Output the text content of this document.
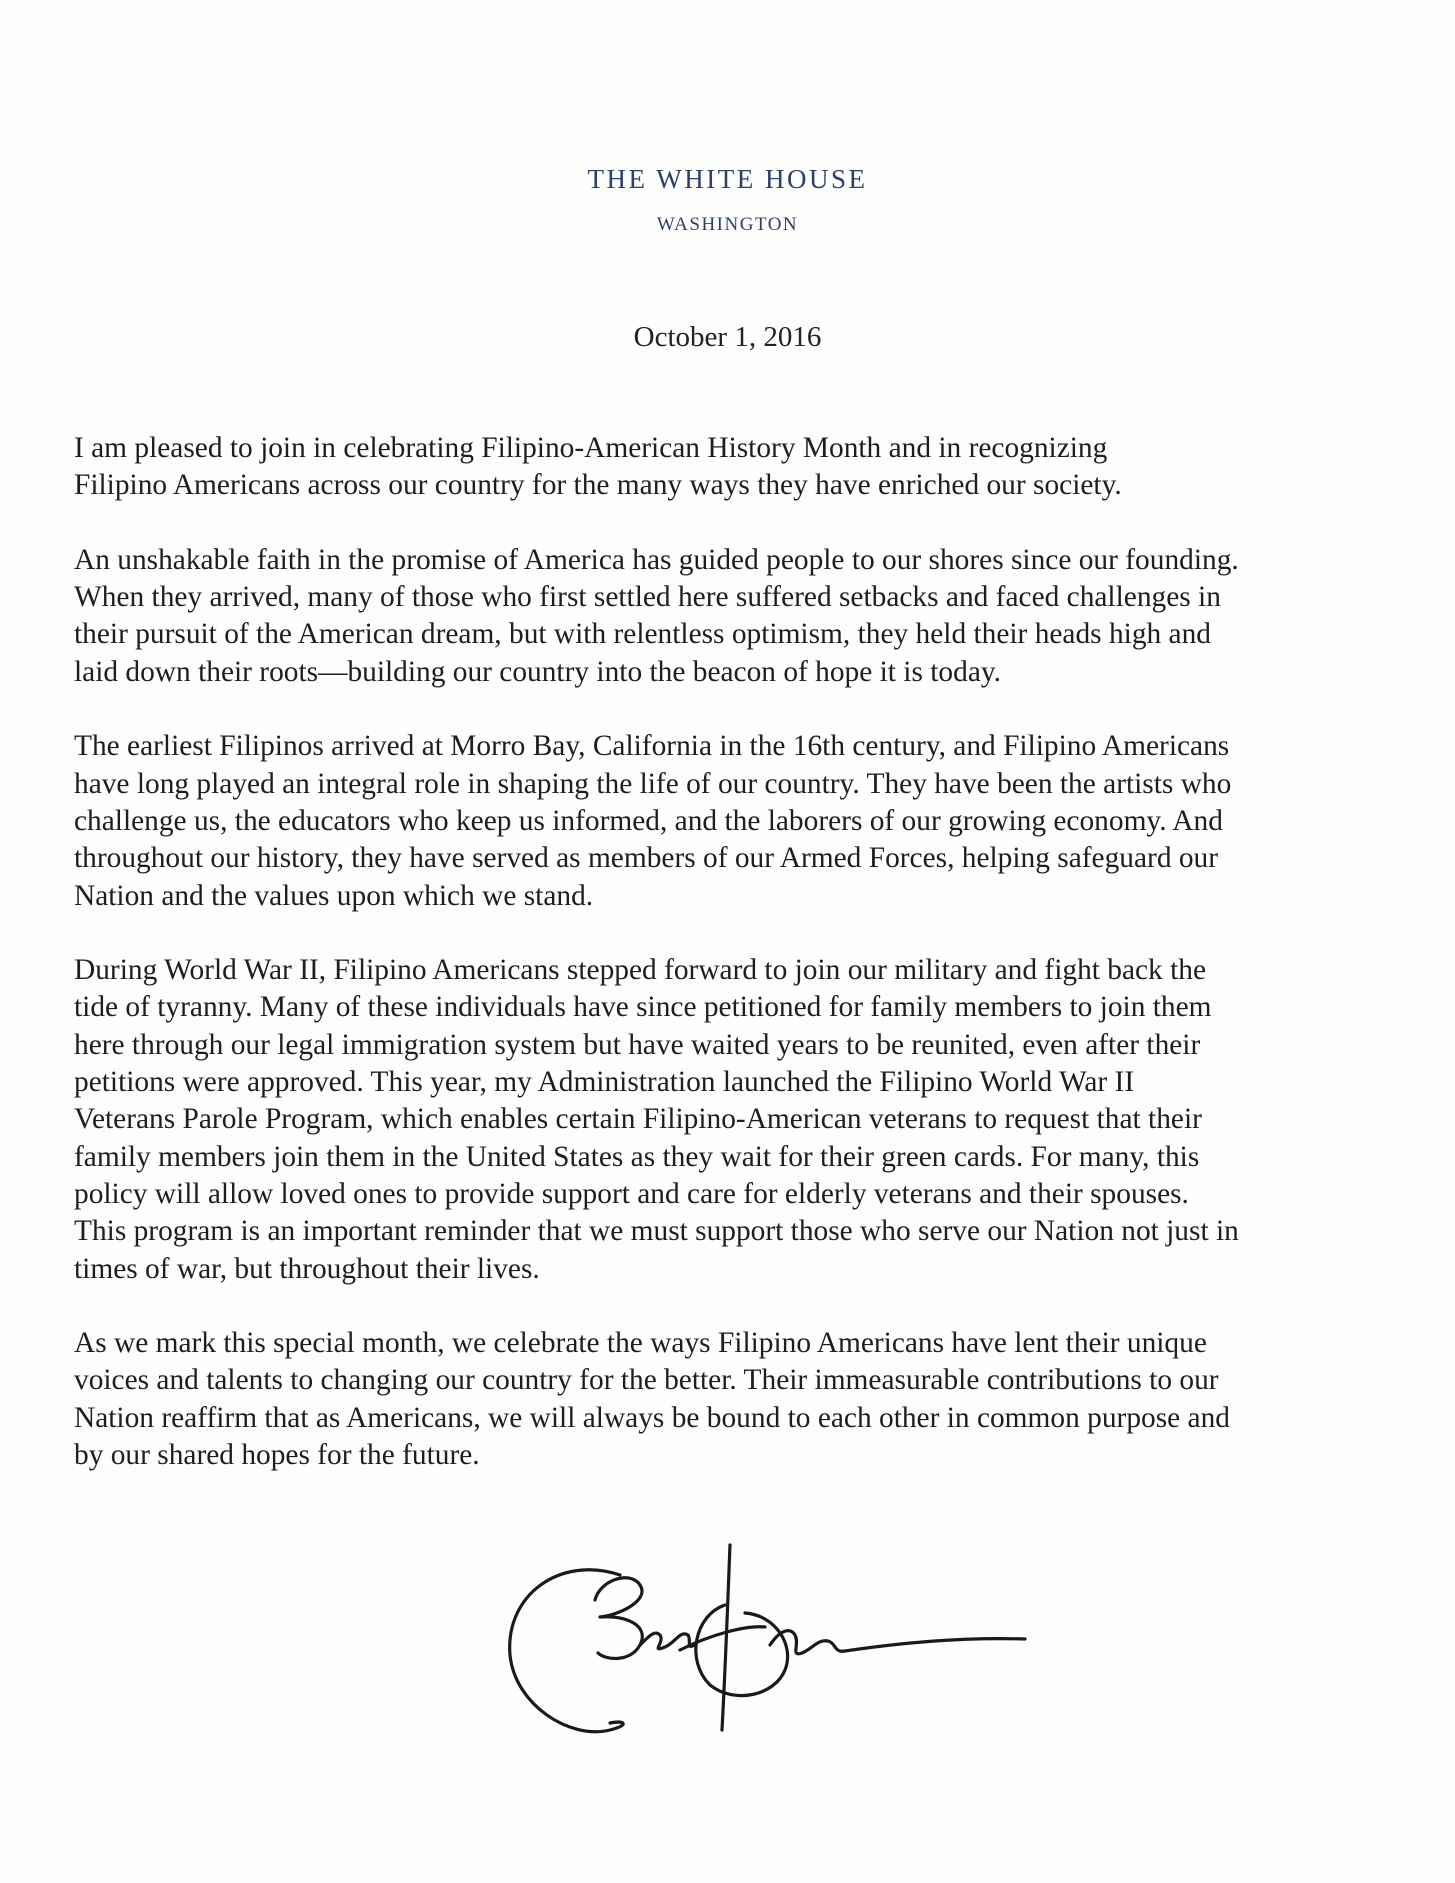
THE WHITE HOUSE
WASHINGTON
October 1, 2016

I am pleased to join in celebrating Filipino-American History Month and in recognizing
Filipino Americans across our country for the many ways they have enriched our society.

An unshakable faith in the promise of America has guided people to our shores since our founding.
When they arrived, many of those who first settled here suffered setbacks and faced challenges in
their pursuit of the American dream, but with relentless optimism, they held their heads high and
laid down their roots—building our country into the beacon of hope it is today.

The earliest Filipinos arrived at Morro Bay, California in the 16th century, and Filipino Americans
have long played an integral role in shaping the life of our country. They have been the artists who
challenge us, the educators who keep us informed, and the laborers of our growing economy. And
throughout our history, they have served as members of our Armed Forces, helping safeguard our
Nation and the values upon which we stand.

During World War II, Filipino Americans stepped forward to join our military and fight back the
tide of tyranny. Many of these individuals have since petitioned for family members to join them
here through our legal immigration system but have waited years to be reunited, even after their
petitions were approved. This year, my Administration launched the Filipino World War II
Veterans Parole Program, which enables certain Filipino-American veterans to request that their
family members join them in the United States as they wait for their green cards. For many, this
policy will allow loved ones to provide support and care for elderly veterans and their spouses.
This program is an important reminder that we must support those who serve our Nation not just in
times of war, but throughout their lives.

As we mark this special month, we celebrate the ways Filipino Americans have lent their unique
voices and talents to changing our country for the better. Their immeasurable contributions to our
Nation reaffirm that as Americans, we will always be bound to each other in common purpose and
by our shared hopes for the future.
